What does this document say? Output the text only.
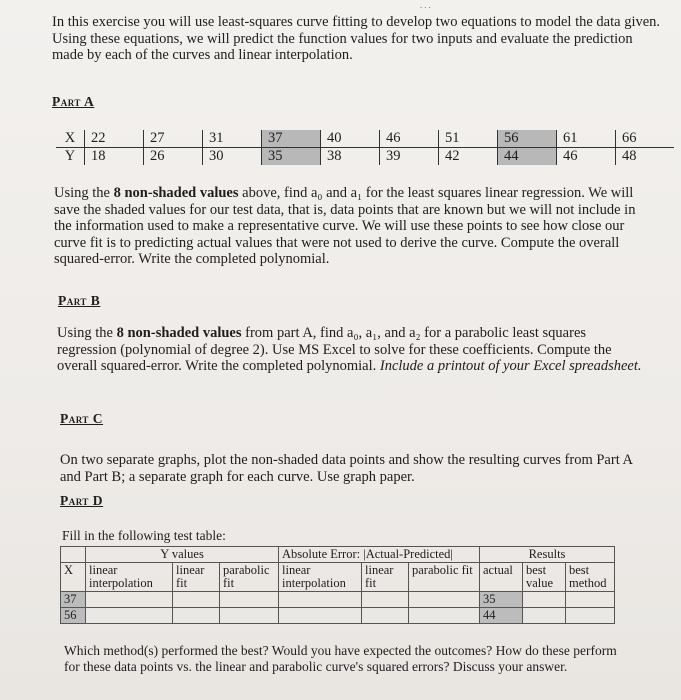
...
In this exercise you will use least-squares curve fitting to develop two equations to model the data given. Using these equations, we will predict the function values for two inputs and evaluate the prediction made by each of the curves and linear interpolation.
Part A
X	22	27	31	37	40	46	51	56	61	66
Y	18	26	30	35	38	39	42	44	46	48
Using the 8 non-shaded values above, find a₀ and a₁ for the least squares linear regression. We will save the shaded values for our test data, that is, data points that are known but we will not include in the information used to make a representative curve. We will use these points to see how close our curve fit is to predicting actual values that were not used to derive the curve. Compute the overall squared-error. Write the completed polynomial.
Part B
Using the 8 non-shaded values from part A, find a₀, a₁, and a₂ for a parabolic least squares regression (polynomial of degree 2). Use MS Excel to solve for these coefficients. Compute the overall squared-error. Write the completed polynomial. Include a printout of your Excel spreadsheet.
Part C
On two separate graphs, plot the non-shaded data points and show the resulting curves from Part A and Part B; a separate graph for each curve. Use graph paper.
Part D
Fill in the following test table:
	Y values			Absolute Error: |Actual-Predicted|			Results		
X	linear interpolation	linear fit	parabolic fit	linear interpolation	linear fit	parabolic fit	actual	best value	best method
37							35		
56							44		
Which method(s) performed the best? Would you have expected the outcomes? How do these perform for these data points vs. the linear and parabolic curve's squared errors? Discuss your answer.
